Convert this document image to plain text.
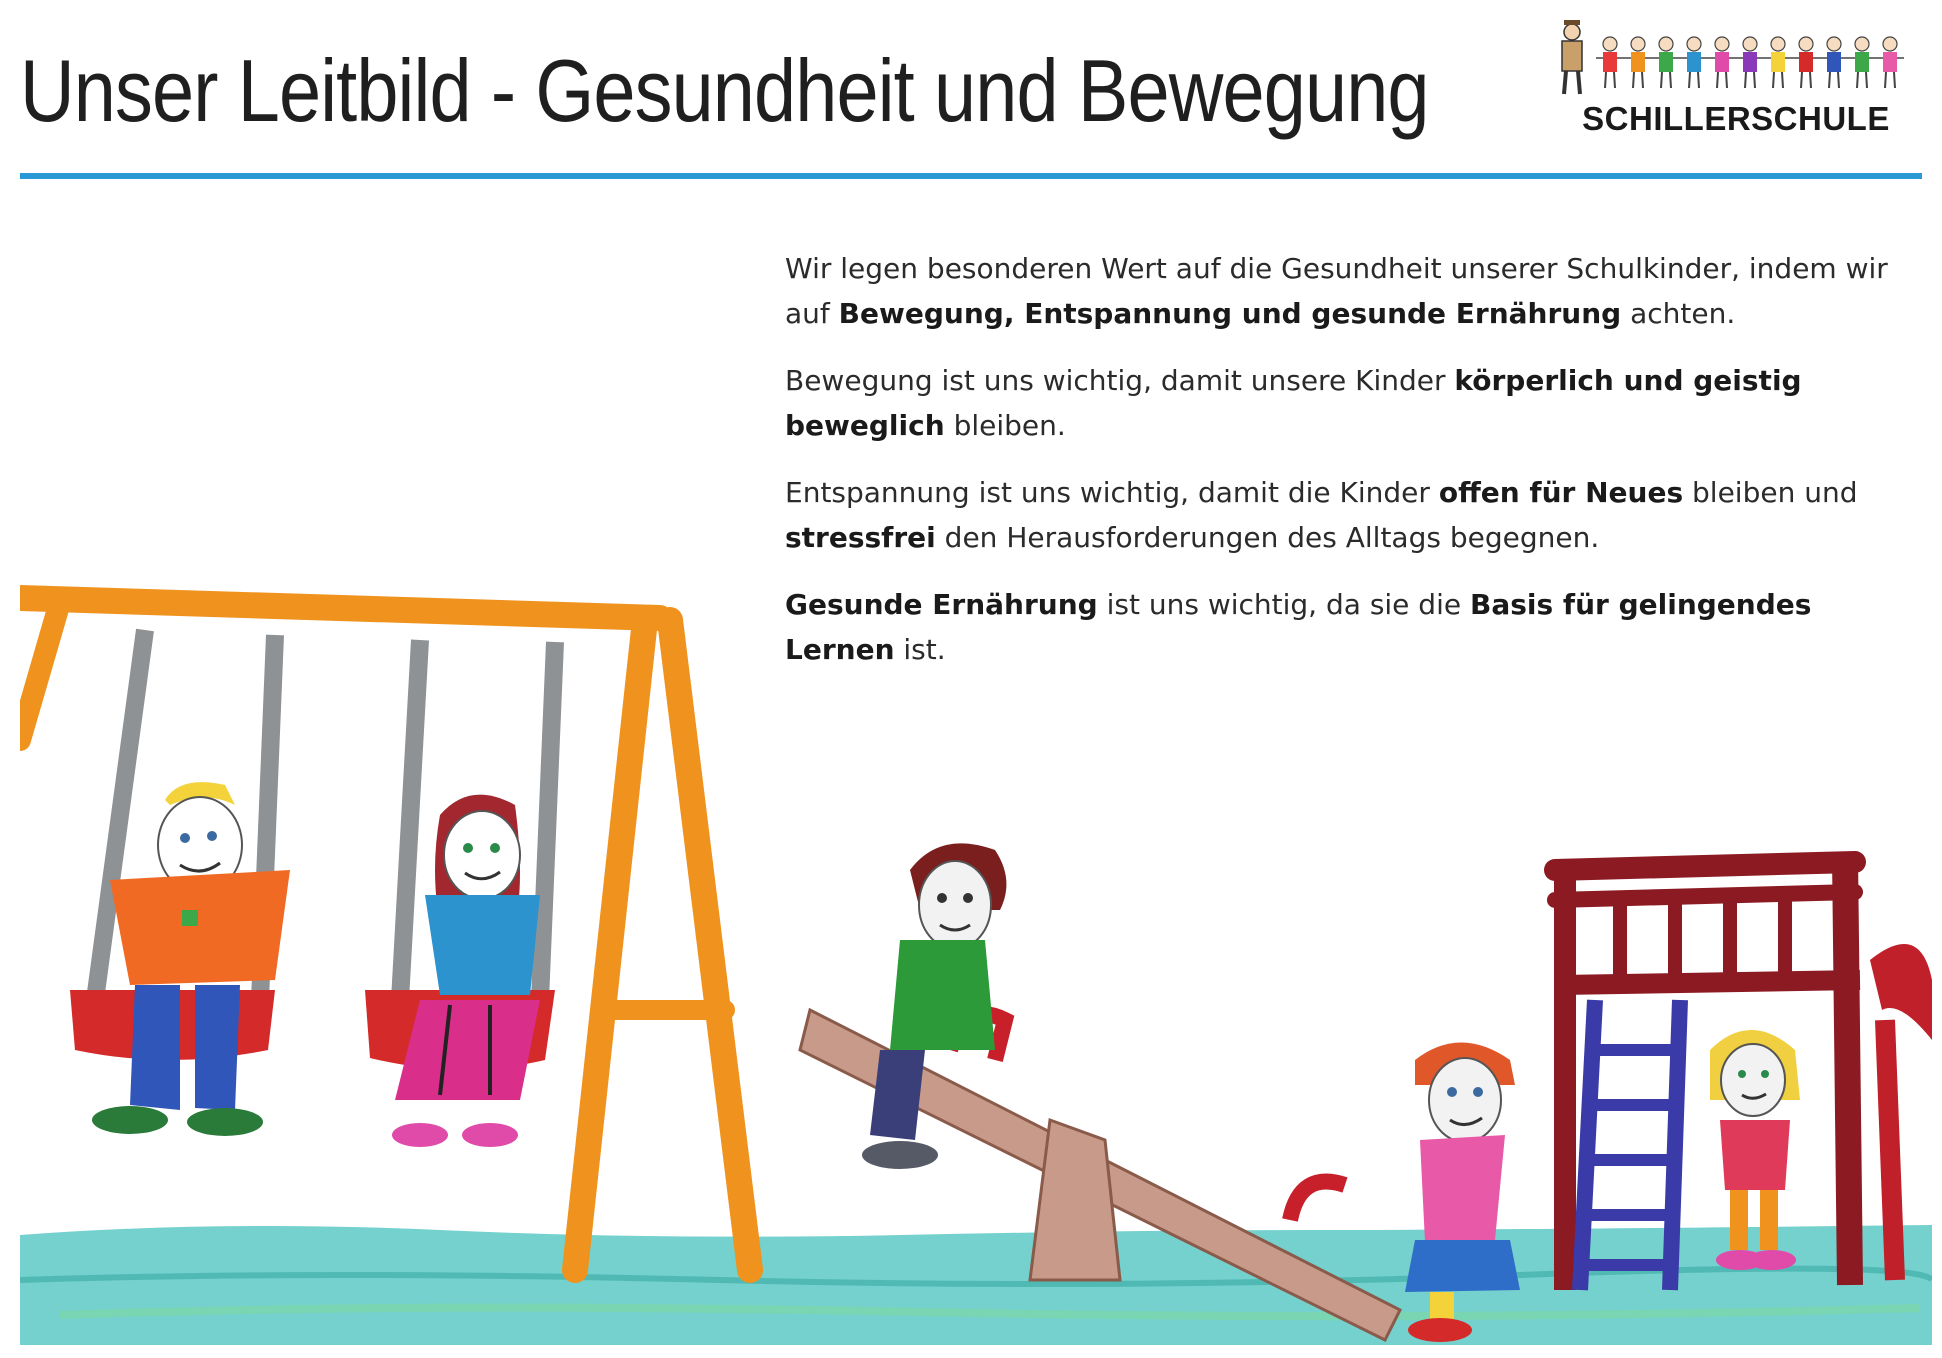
Unser Leitbild - Gesundheit und Bewegung	SCHILLERSCHULE

Wir legen besonderen Wert auf die Gesundheit unserer Schulkinder, indem wir auf Bewegung, Entspannung und gesunde Ernährung achten.

Bewegung ist uns wichtig, damit unsere Kinder körperlich und geistig beweglich bleiben.

Entspannung ist uns wichtig, damit die Kinder offen für Neues bleiben und stressfrei den Herausforderungen des Alltags begegnen.

Gesunde Ernährung ist uns wichtig, da sie die Basis für gelingendes Lernen ist.
